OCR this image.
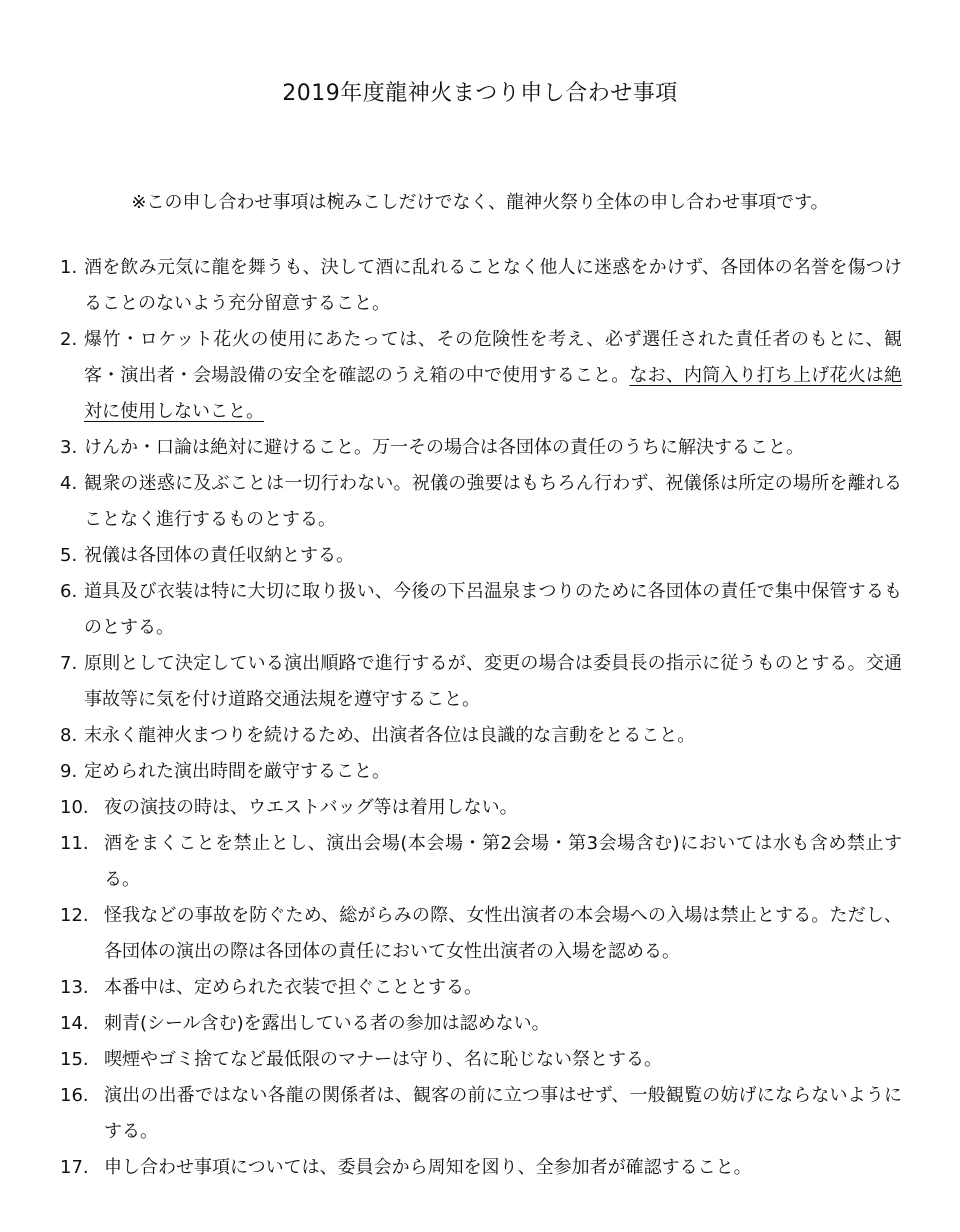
2019年度龍神火まつり申し合わせ事項

※この申し合わせ事項は椀みこしだけでなく、龍神火祭り全体の申し合わせ事項です。

1. 酒を飲み元気に龍を舞うも、決して酒に乱れることなく他人に迷惑をかけず、各団体の名誉を傷つけることのないよう充分留意すること。
2. 爆竹・ロケット花火の使用にあたっては、その危険性を考え、必ず選任された責任者のもとに、観客・演出者・会場設備の安全を確認のうえ箱の中で使用すること。なお、内筒入り打ち上げ花火は絶対に使用しないこと。
3. けんか・口論は絶対に避けること。万一その場合は各団体の責任のうちに解決すること。
4. 観衆の迷惑に及ぶことは一切行わない。祝儀の強要はもちろん行わず、祝儀係は所定の場所を離れることなく進行するものとする。
5. 祝儀は各団体の責任収納とする。
6. 道具及び衣装は特に大切に取り扱い、今後の下呂温泉まつりのために各団体の責任で集中保管するものとする。
7. 原則として決定している演出順路で進行するが、変更の場合は委員長の指示に従うものとする。交通事故等に気を付け道路交通法規を遵守すること。
8. 末永く龍神火まつりを続けるため、出演者各位は良識的な言動をとること。
9. 定められた演出時間を厳守すること。
10. 夜の演技の時は、ウエストバッグ等は着用しない。
11. 酒をまくことを禁止とし、演出会場(本会場・第2会場・第3会場含む)においては水も含め禁止する。
12. 怪我などの事故を防ぐため、総がらみの際、女性出演者の本会場への入場は禁止とする。ただし、各団体の演出の際は各団体の責任において女性出演者の入場を認める。
13. 本番中は、定められた衣装で担ぐこととする。
14. 刺青(シール含む)を露出している者の参加は認めない。
15. 喫煙やゴミ捨てなど最低限のマナーは守り、名に恥じない祭とする。
16. 演出の出番ではない各龍の関係者は、観客の前に立つ事はせず、一般観覧の妨げにならないようにする。
17. 申し合わせ事項については、委員会から周知を図り、全参加者が確認すること。
